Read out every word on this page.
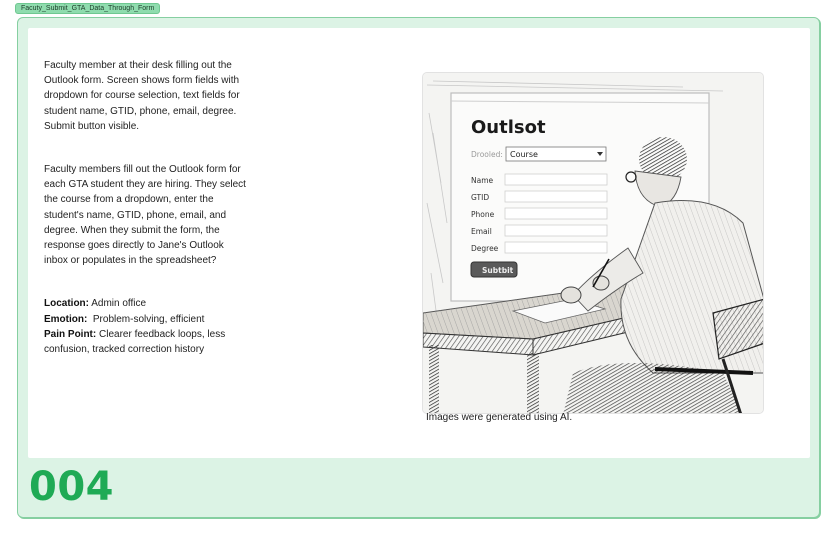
Facuty_Submit_GTA_Data_Through_Form

Faculty member at their desk filling out the Outlook form. Screen shows form fields with dropdown for course selection, text fields for student name, GTID, phone, email, degree. Submit button visible.

Faculty members fill out the Outlook form for each GTA student they are hiring. They select the course from a dropdown, enter the student's name, GTID, phone, email, and degree. When they submit the form, the response goes directly to Jane's Outlook inbox or populates in the spreadsheet?

Location: Admin office
Emotion:  Problem-solving, efficient
Pain Point: Clearer feedback loops, less confusion, tracked correction history
Outlsot
Drooled: Course
Name
GTID
Phone
Email
Degree
Subtbit
Images were generated using AI.
004
